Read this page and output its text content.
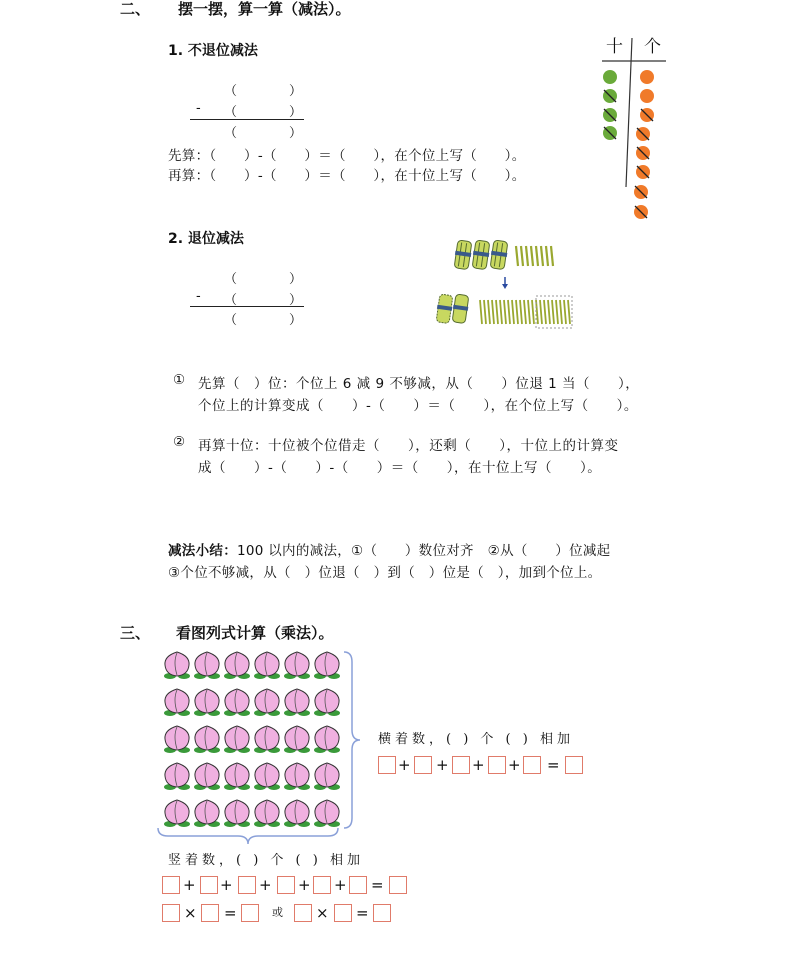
二、 摆一摆，算一算（减法）。
1. 不退位减法
（　　　　）
- （　　　　）
（　　　　）
先算：（　　）-（　　）＝（　　），在个位上写（　　）。
再算：（　　）-（　　）＝（　　），在十位上写（　　）。
十 个
2. 退位减法
（　　　　）
- （　　　　）
（　　　　）
① 先算（　）位：个位上 6 减 9 不够减，从（　　）位退 1 当（　　），
个位上的计算变成（　　）-（　　）＝（　　），在个位上写（　　）。
② 再算十位：十位被个位借走（　　），还剩（　　），十位上的计算变
成（　　）-（　　）-（　　）＝（　　），在十位上写（　　）。
减法小结：100 以内的减法，①（　　）数位对齐　②从（　　）位减起
③个位不够减，从（　）位退（　）到（　）位是（　），加到个位上。
三、 看图列式计算（乘法）。
横着数，( ) 个 ( ) 相加
+ + + + =
竖着数，( ) 个 ( ) 相加
+ + + + + =
× =	或 × =
